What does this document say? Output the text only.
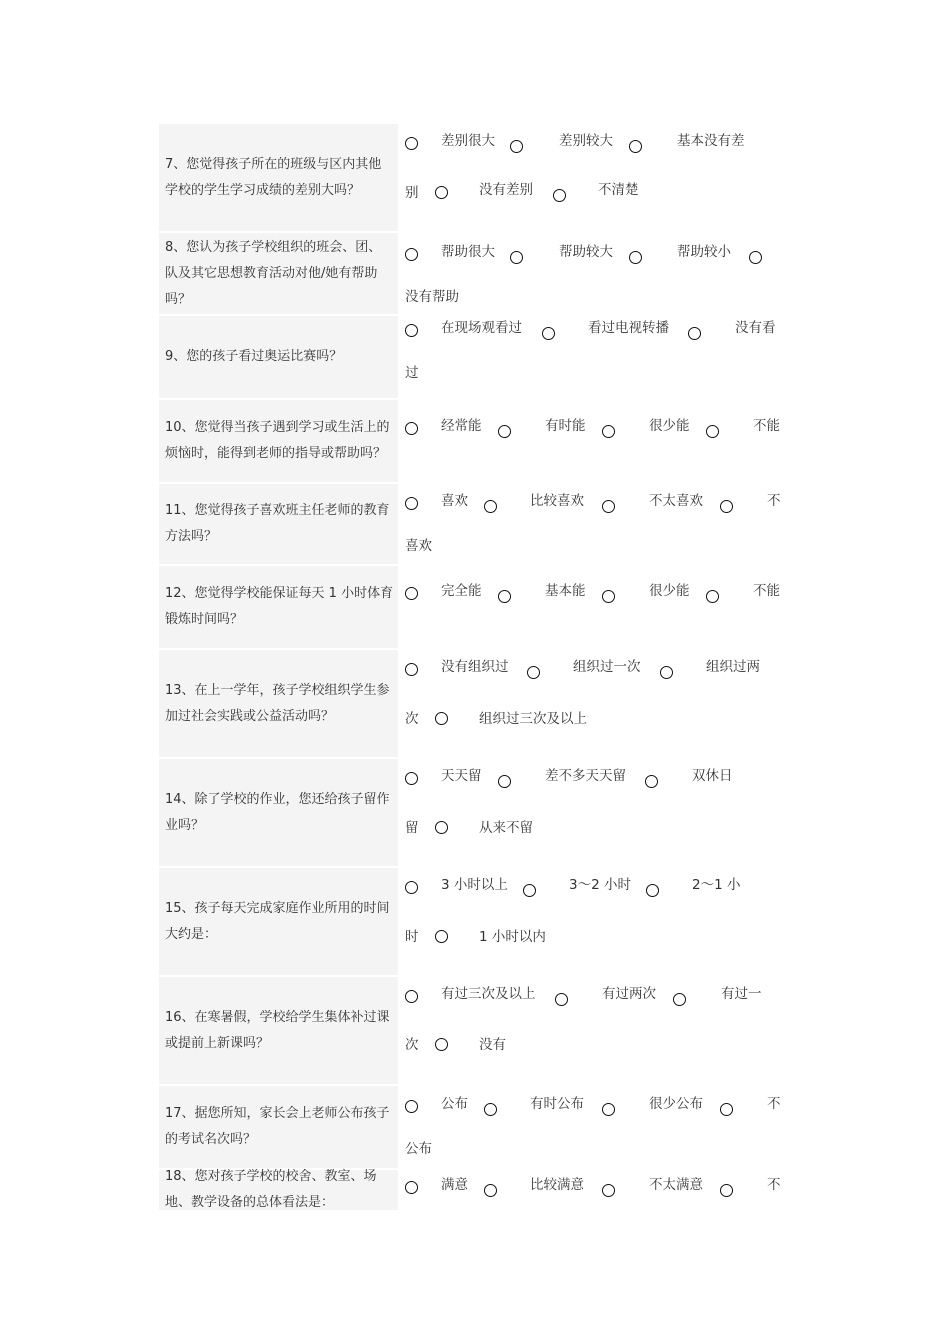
7、您觉得孩子所在的班级与区内其他学校的学生学习成绩的差别大吗？
差别很大	差别较大	基本没有差
别	没有差别	不清楚
8、您认为孩子学校组织的班会、团、队及其它思想教育活动对他/她有帮助吗？
帮助很大	帮助较大	帮助较小
没有帮助
9、您的孩子看过奥运比赛吗？
在现场观看过	看过电视转播	没有看
过
10、您觉得当孩子遇到学习或生活上的烦恼时，能得到老师的指导或帮助吗？
经常能	有时能	很少能	不能
11、您觉得孩子喜欢班主任老师的教育方法吗？
喜欢	比较喜欢	不太喜欢	不
喜欢
12、您觉得学校能保证每天 1 小时体育锻炼时间吗？
完全能	基本能	很少能	不能
13、在上一学年，孩子学校组织学生参加过社会实践或公益活动吗？
没有组织过	组织过一次	组织过两
次	组织过三次及以上
14、除了学校的作业，您还给孩子留作业吗？
天天留	差不多天天留	双休日
留	从来不留
15、孩子每天完成家庭作业所用的时间大约是：
3 小时以上	3～2 小时	2～1 小
时	1 小时以内
16、在寒暑假，学校给学生集体补过课或提前上新课吗？
有过三次及以上	有过两次	有过一
次	没有
17、据您所知，家长会上老师公布孩子的考试名次吗？
公布	有时公布	很少公布	不
公布
18、您对孩子学校的校舍、教室、场地、教学设备的总体看法是：
满意	比较满意	不太满意	不
